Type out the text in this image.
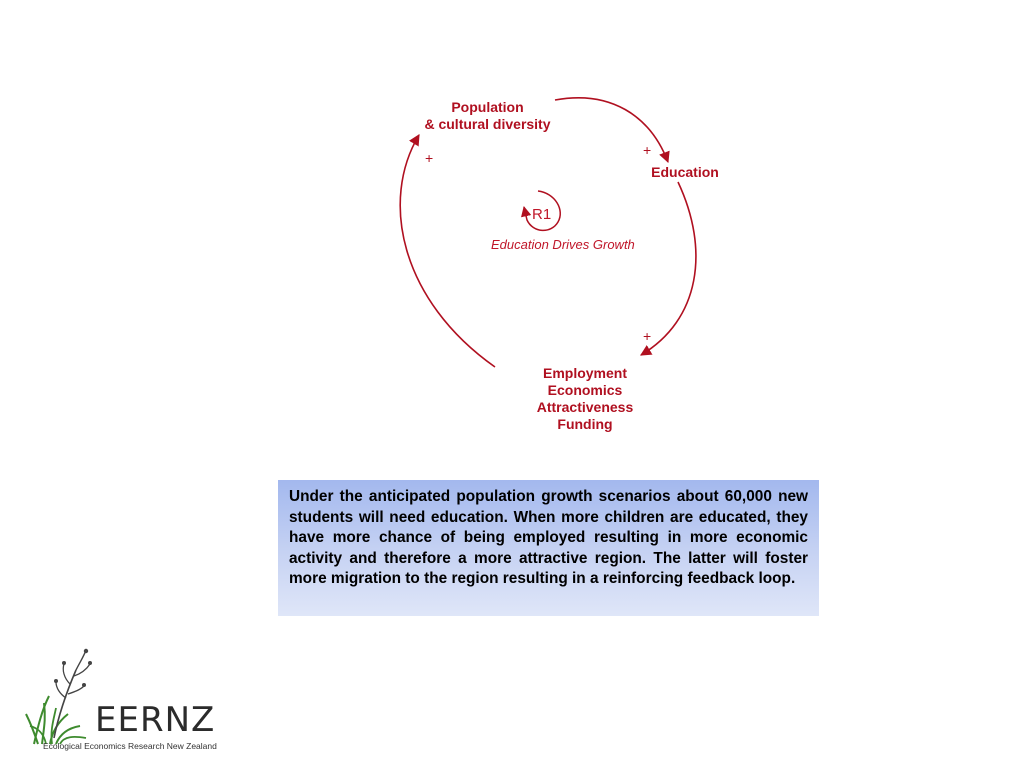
Population
& cultural diversity
Education
Employment
Economics
Attractiveness
Funding
+
+
+
R1
Education Drives Growth
Under the anticipated population growth scenarios about 60,000 new students will need education. When more children are educated, they have more chance of being employed resulting in more economic activity and therefore a more attractive region. The latter will foster more migration to the region resulting in a reinforcing feedback loop.
EERNZ
Ecological Economics Research New Zealand
